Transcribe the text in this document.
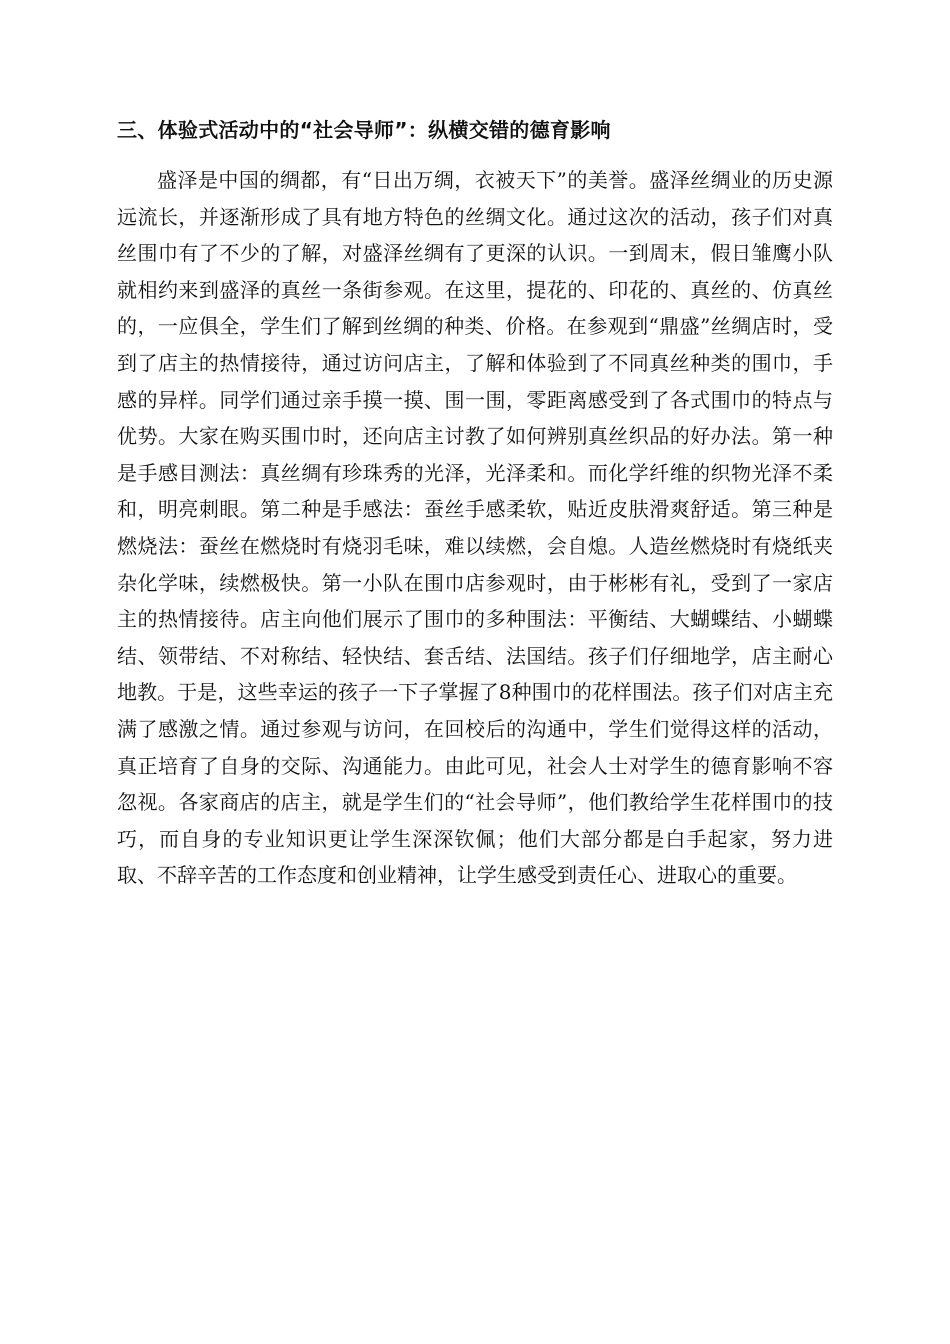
三、体验式活动中的“社会导师”：纵横交错的德育影响

盛泽是中国的绸都，有“日出万绸，衣被天下”的美誉。盛泽丝绸业的历史源远流长，并逐渐形成了具有地方特色的丝绸文化。通过这次的活动，孩子们对真丝围巾有了不少的了解，对盛泽丝绸有了更深的认识。一到周末，假日雏鹰小队就相约来到盛泽的真丝一条街参观。在这里，提花的、印花的、真丝的、仿真丝的，一应俱全，学生们了解到丝绸的种类、价格。在参观到“鼎盛”丝绸店时，受到了店主的热情接待，通过访问店主，了解和体验到了不同真丝种类的围巾，手感的异样。同学们通过亲手摸一摸、围一围，零距离感受到了各式围巾的特点与优势。大家在购买围巾时，还向店主讨教了如何辨别真丝织品的好办法。第一种是手感目测法：真丝绸有珍珠秀的光泽，光泽柔和。而化学纤维的织物光泽不柔和，明亮刺眼。第二种是手感法：蚕丝手感柔软，贴近皮肤滑爽舒适。第三种是燃烧法：蚕丝在燃烧时有烧羽毛味，难以续燃，会自熄。人造丝燃烧时有烧纸夹杂化学味，续燃极快。第一小队在围巾店参观时，由于彬彬有礼，受到了一家店主的热情接待。店主向他们展示了围巾的多种围法：平衡结、大蝴蝶结、小蝴蝶结、领带结、不对称结、轻快结、套舌结、法国结。孩子们仔细地学，店主耐心地教。于是，这些幸运的孩子一下子掌握了8种围巾的花样围法。孩子们对店主充满了感激之情。通过参观与访问，在回校后的沟通中，学生们觉得这样的活动，真正培育了自身的交际、沟通能力。由此可见，社会人士对学生的德育影响不容忽视。各家商店的店主，就是学生们的“社会导师”，他们教给学生花样围巾的技巧，而自身的专业知识更让学生深深钦佩；他们大部分都是白手起家，努力进取、不辞辛苦的工作态度和创业精神，让学生感受到责任心、进取心的重要。
